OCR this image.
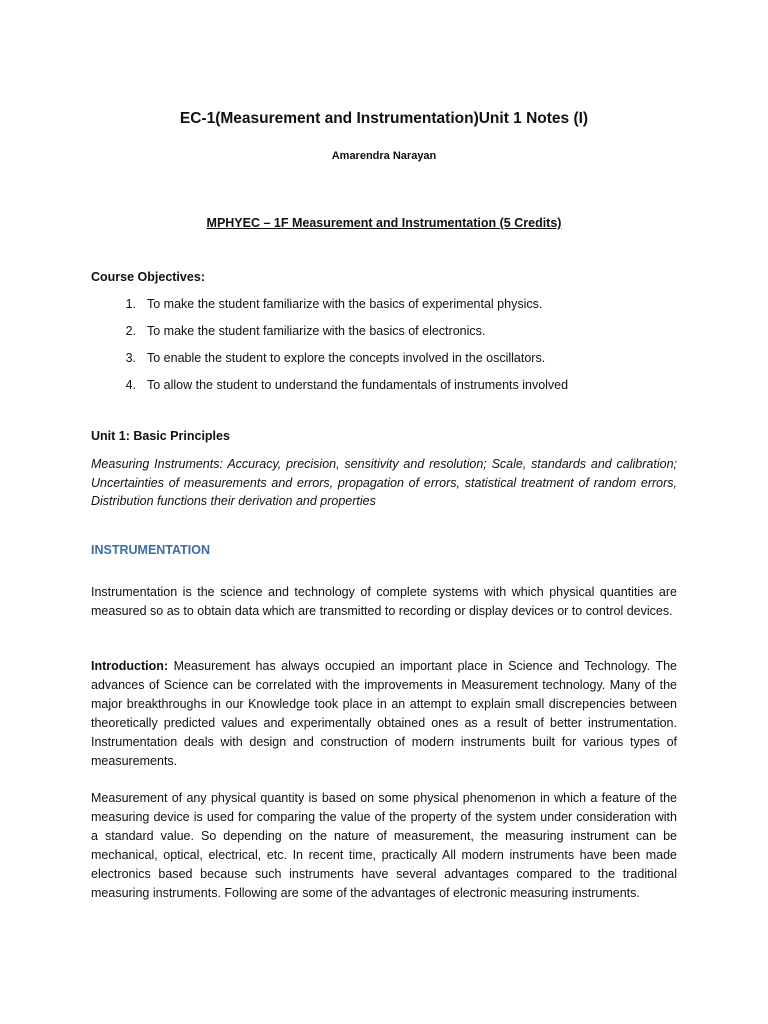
EC-1(Measurement and Instrumentation)Unit 1 Notes (I)
Amarendra Narayan
MPHYEC – 1F Measurement and Instrumentation (5 Credits)
Course Objectives:
1. To make the student familiarize with the basics of experimental physics.
2. To make the student familiarize with the basics of electronics.
3. To enable the student to explore the concepts involved in the oscillators.
4. To allow the student to understand the fundamentals of instruments involved
Unit 1: Basic Principles
Measuring Instruments: Accuracy, precision, sensitivity and resolution; Scale, standards and calibration; Uncertainties of measurements and errors, propagation of errors, statistical treatment of random errors, Distribution functions their derivation and properties
INSTRUMENTATION
Instrumentation is the science and technology of complete systems with which physical quantities are measured so as to obtain data which are transmitted to recording or display devices or to control devices.
Introduction: Measurement has always occupied an important place in Science and Technology. The advances of Science can be correlated with the improvements in Measurement technology. Many of the major breakthroughs in our Knowledge took place in an attempt to explain small discrepencies between theoretically predicted values and experimentally obtained ones as a result of better instrumentation. Instrumentation deals with design and construction of modern instruments built for various types of measurements.
Measurement of any physical quantity is based on some physical phenomenon in which a feature of the measuring device is used for comparing the value of the property of the system under consideration with a standard value. So depending on the nature of measurement, the measuring instrument can be mechanical, optical, electrical, etc. In recent time, practically All modern instruments have been made electronics based because such instruments have several advantages compared to the traditional measuring instruments. Following are some of the advantages of electronic measuring instruments.
